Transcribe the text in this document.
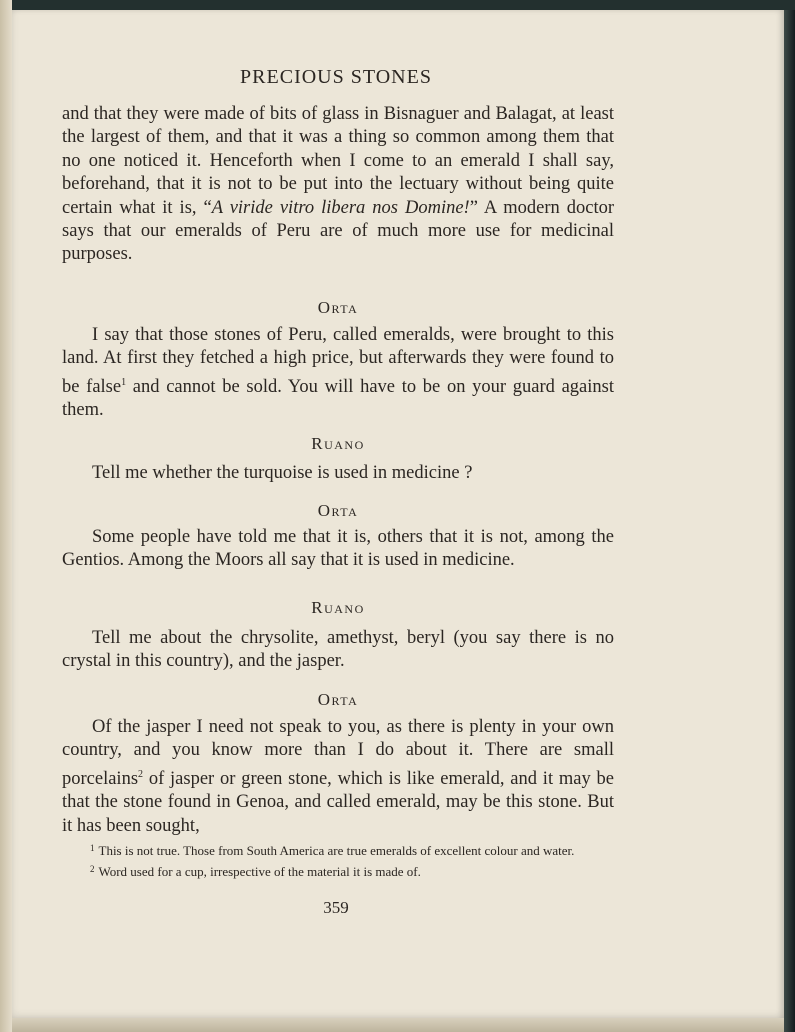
PRECIOUS STONES
and that they were made of bits of glass in Bisnaguer and Balagat, at least the largest of them, and that it was a thing so common among them that no one noticed it. Henceforth when I come to an emerald I shall say, beforehand, that it is not to be put into the lectuary without being quite certain what it is, “A viride vitro libera nos Domine!” A modern doctor says that our emeralds of Peru are of much more use for medicinal purposes.
Orta
I say that those stones of Peru, called emeralds, were brought to this land. At first they fetched a high price, but afterwards they were found to be false$^1$ and cannot be sold. You will have to be on your guard against them.
Ruano
Tell me whether the turquoise is used in medicine ?
Orta
Some people have told me that it is, others that it is not, among the Gentios. Among the Moors all say that it is used in medicine.
Ruano
Tell me about the chrysolite, amethyst, beryl (you say there is no crystal in this country), and the jasper.
Orta
Of the jasper I need not speak to you, as there is plenty in your own country, and you know more than I do about it. There are small porcelains$^2$ of jasper or green stone, which is like emerald, and it may be that the stone found in Genoa, and called emerald, may be this stone. But it has been sought,
$^1$ This is not true. Those from South America are true emeralds of excellent colour and water.
$^2$ Word used for a cup, irrespective of the material it is made of.
359
